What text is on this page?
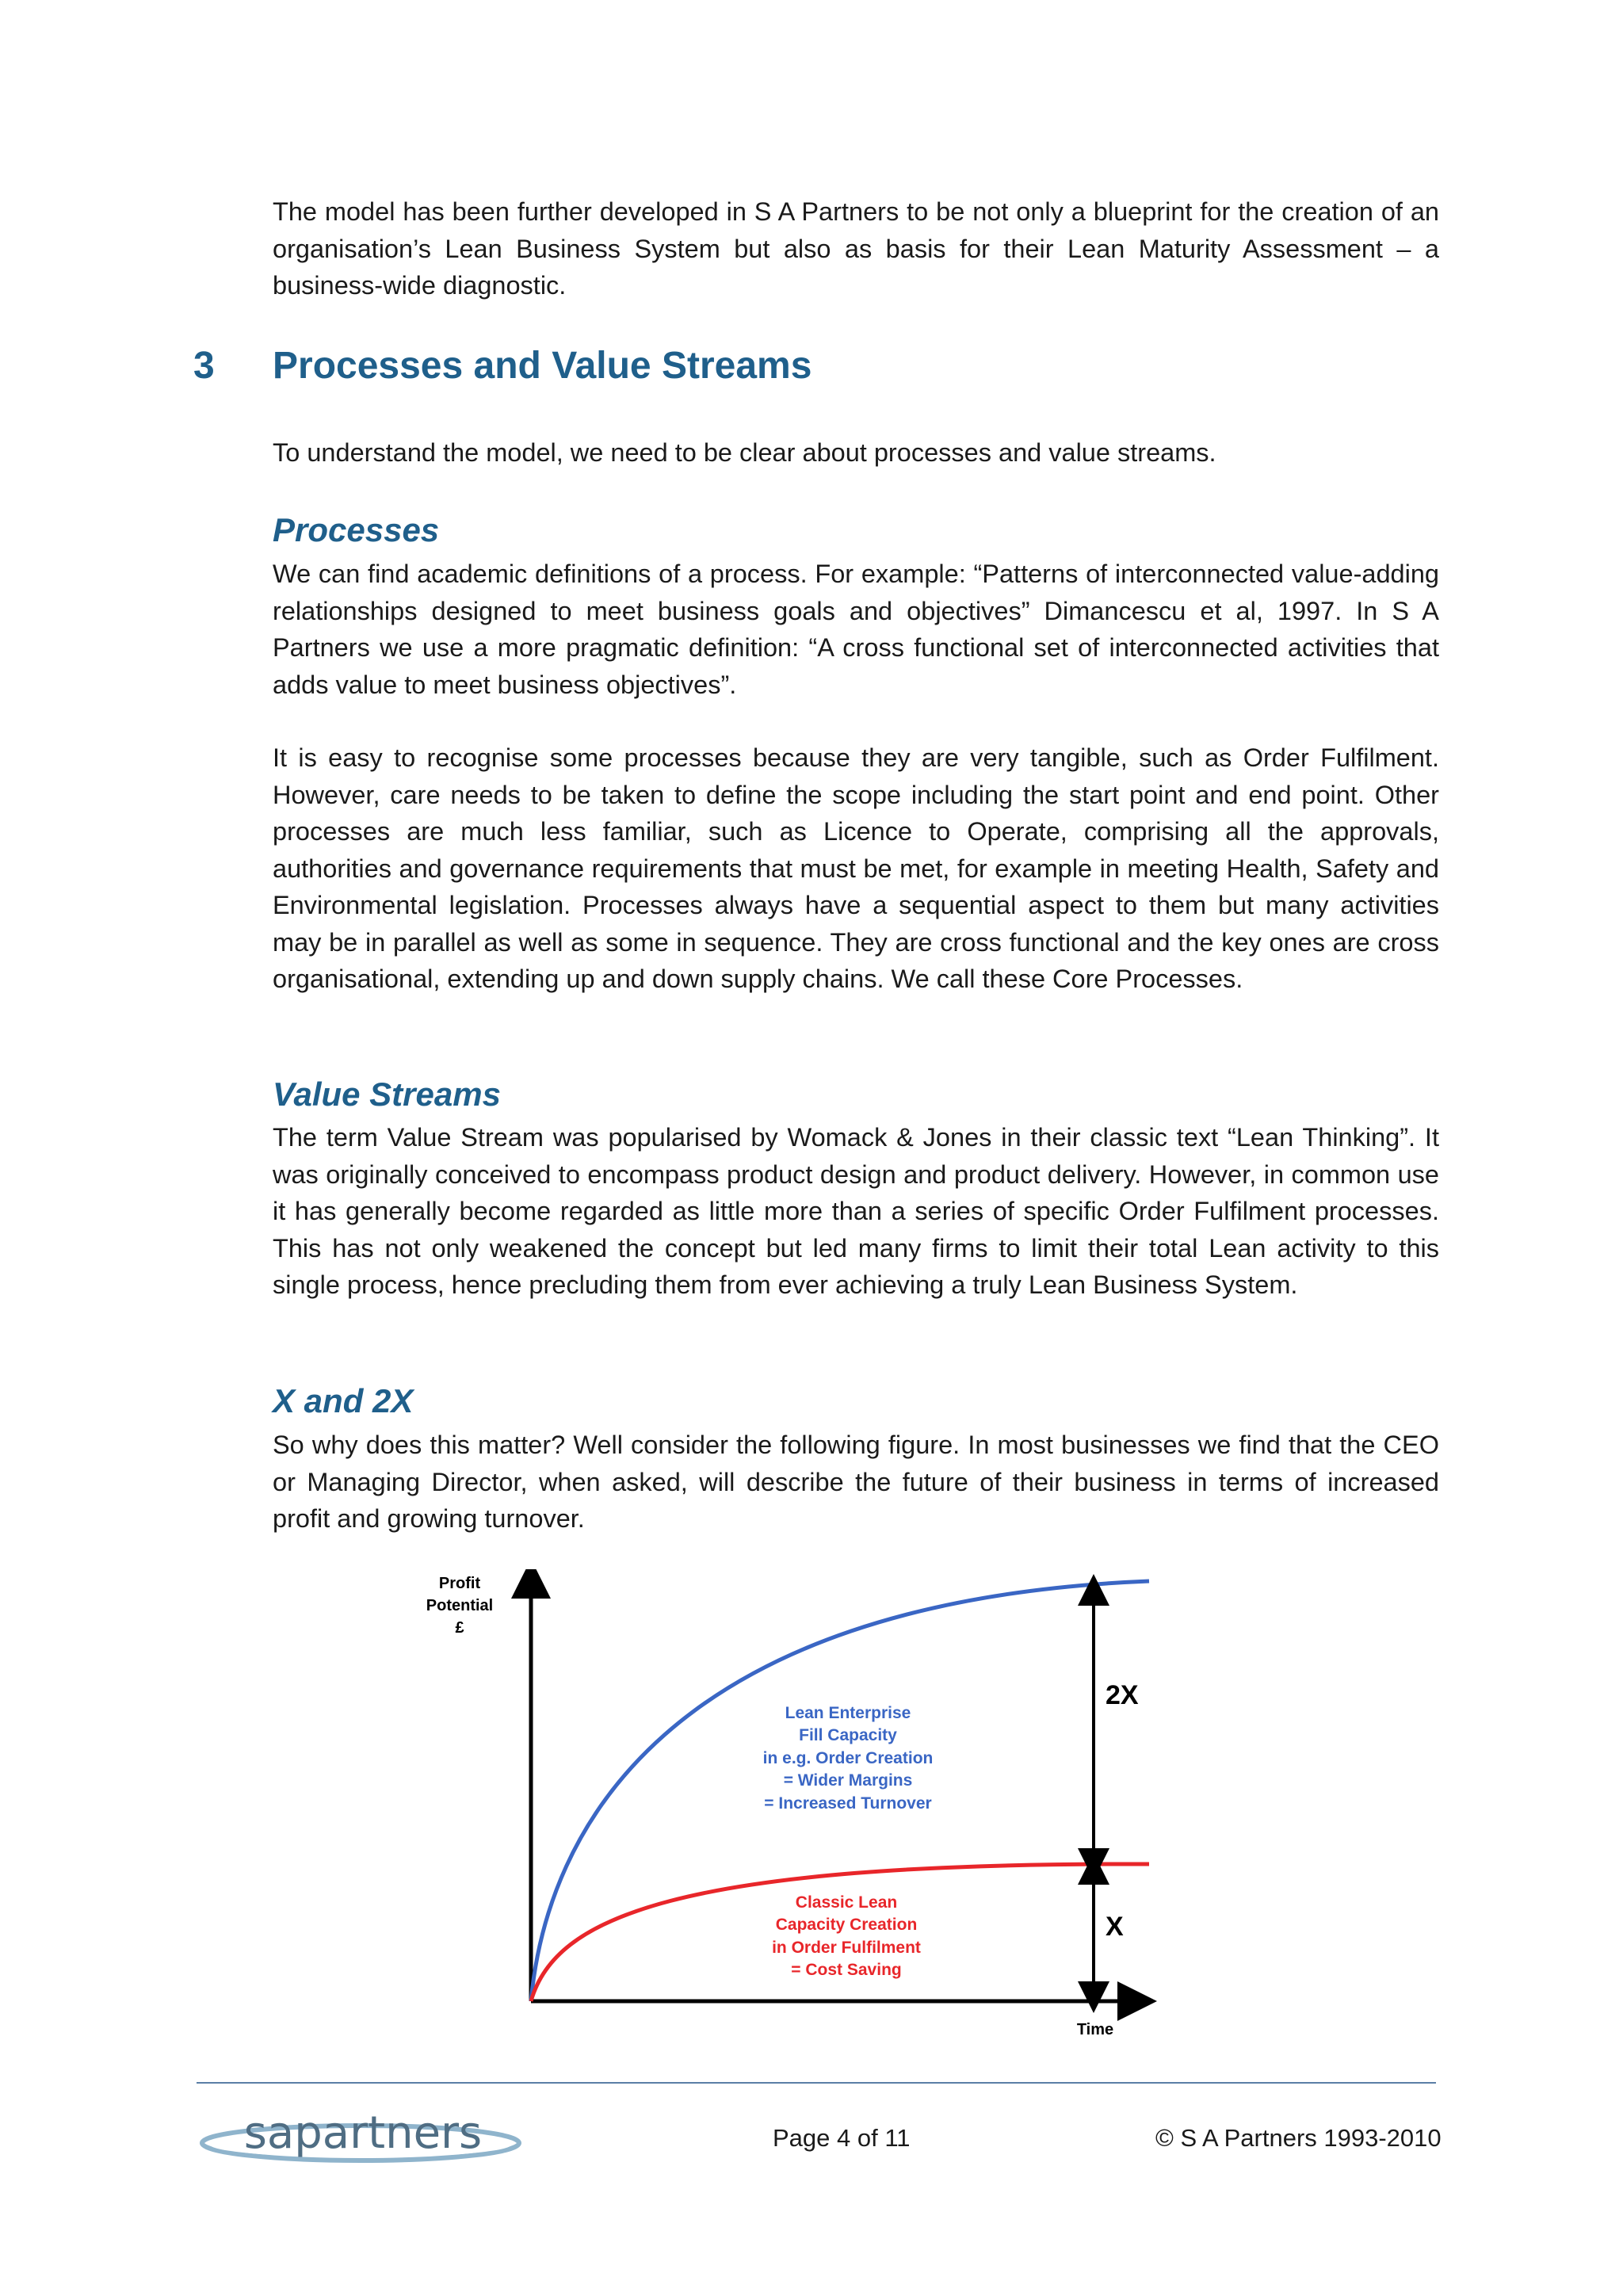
The model has been further developed in S A Partners to be not only a blueprint for the creation of an organisation’s Lean Business System but also as basis for their Lean Maturity Assessment – a business-wide diagnostic.

3 Processes and Value Streams

To understand the model, we need to be clear about processes and value streams.

Processes

We can find academic definitions of a process. For example: “Patterns of interconnected value-adding relationships designed to meet business goals and objectives” Dimancescu et al, 1997. In S A Partners we use a more pragmatic definition: “A cross functional set of interconnected activities that adds value to meet business objectives”.

It is easy to recognise some processes because they are very tangible, such as Order Fulfilment. However, care needs to be taken to define the scope including the start point and end point. Other processes are much less familiar, such as Licence to Operate, comprising all the approvals, authorities and governance requirements that must be met, for example in meeting Health, Safety and Environmental legislation. Processes always have a sequential aspect to them but many activities may be in parallel as well as some in sequence. They are cross functional and the key ones are cross organisational, extending up and down supply chains. We call these Core Processes.

Value Streams

The term Value Stream was popularised by Womack & Jones in their classic text “Lean Thinking”. It was originally conceived to encompass product design and product delivery. However, in common use it has generally become regarded as little more than a series of specific Order Fulfilment processes. This has not only weakened the concept but led many firms to limit their total Lean activity to this single process, hence precluding them from ever achieving a truly Lean Business System.

X and 2X

So why does this matter? Well consider the following figure. In most businesses we find that the CEO or Managing Director, when asked, will describe the future of their business in terms of increased profit and growing turnover.

Profit
Potential
£
Time
2X
X
Lean Enterprise
Fill Capacity
in e.g. Order Creation
= Wider Margins
= Increased Turnover
Classic Lean
Capacity Creation
in Order Fulfilment
= Cost Saving
sapartners	Page 4 of 11	© S A Partners 1993-2010
